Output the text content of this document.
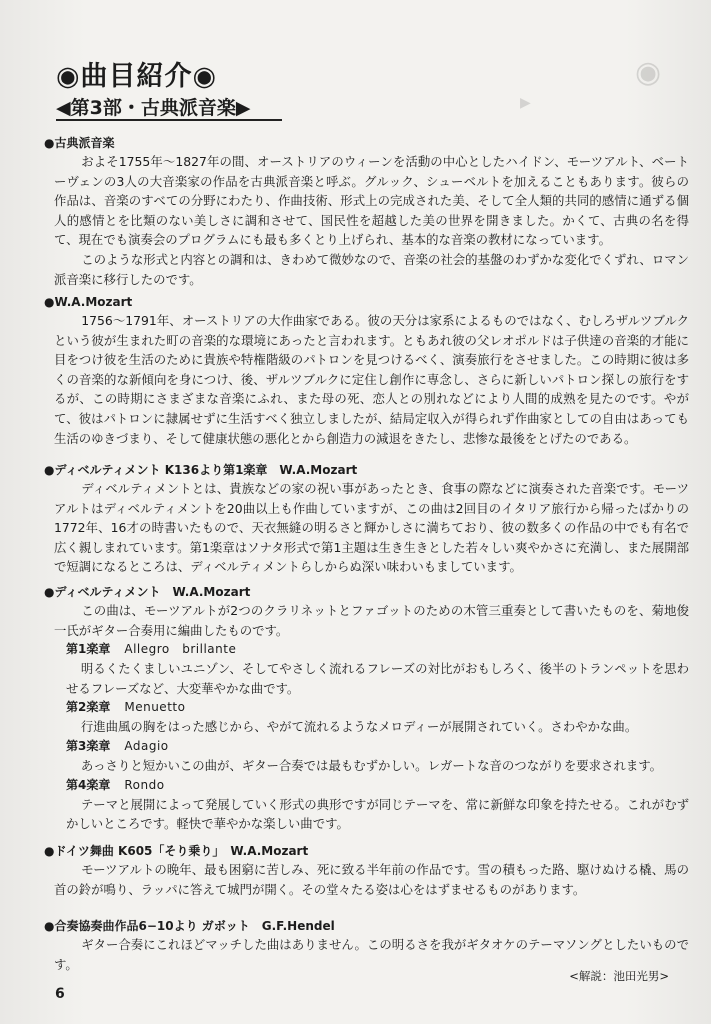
◉
▶
◉曲目紹介◉
◀第3部・古典派音楽▶
●古典派音楽

およそ1755年〜1827年の間、オーストリアのウィーンを活動の中心としたハイドン、モーツアルト、ベートーヴェンの3人の大音楽家の作品を古典派音楽と呼ぶ。グルック、シューベルトを加えることもあります。彼らの作品は、音楽のすべての分野にわたり、作曲技術、形式上の完成された美、そして全人類的共同的感情に通ずる個人的感情とを比類のない美しさに調和させて、国民性を超越した美の世界を開きました。かくて、古典の名を得て、現在でも演奏会のプログラムにも最も多くとり上げられ、基本的な音楽の教材になっています。

このような形式と内容との調和は、きわめて微妙なので、音楽の社会的基盤のわずかな変化でくずれ、ロマン派音楽に移行したのです。

●W.A.Mozart

1756〜1791年、オーストリアの大作曲家である。彼の天分は家系によるものではなく、むしろザルツブルクという彼が生まれた町の音楽的な環境にあったと言われます。ともあれ彼の父レオポルドは子供達の音楽的才能に目をつけ彼を生活のために貴族や特権階級のパトロンを見つけるべく、演奏旅行をさせました。この時期に彼は多くの音楽的な新傾向を身につけ、後、ザルツブルクに定住し創作に専念し、さらに新しいパトロン探しの旅行をするが、この時期にさまざまな音楽にふれ、また母の死、恋人との別れなどにより人間的成熟を見たのです。やがて、彼はパトロンに隷属せずに生活すべく独立しましたが、結局定収入が得られず作曲家としての自由はあっても生活のゆきづまり、そして健康状態の悪化とから創造力の減退をきたし、悲惨な最後をとげたのである。

●ディベルティメント K136より第1楽章　W.A.Mozart

ディベルティメントとは、貴族などの家の祝い事があったとき、食事の際などに演奏された音楽です。モーツアルトはディベルティメントを20曲以上も作曲していますが、この曲は2回目のイタリア旅行から帰ったばかりの1772年、16才の時書いたもので、天衣無縫の明るさと輝かしさに満ちており、彼の数多くの作品の中でも有名で広く親しまれています。第1楽章はソナタ形式で第1主題は生き生きとした若々しい爽やかさに充満し、また展開部で短調になるところは、ディベルティメントらしからぬ深い味わいもましています。

●ディベルティメント　W.A.Mozart

この曲は、モーツアルトが2つのクラリネットとファゴットのための木管三重奏として書いたものを、菊地俊一氏がギター合奏用に編曲したものです。

第1楽章 Allegro　brillante

明るくたくましいユニゾン、そしてやさしく流れるフレーズの対比がおもしろく、後半のトランペットを思わせるフレーズなど、大変華やかな曲です。

第2楽章 Menuetto

行進曲風の胸をはった感じから、やがて流れるようなメロディーが展開されていく。さわやかな曲。

第3楽章 Adagio

あっさりと短かいこの曲が、ギター合奏では最もむずかしい。レガートな音のつながりを要求されます。

第4楽章 Rondo

テーマと展開によって発展していく形式の典形ですが同じテーマを、常に新鮮な印象を持たせる。これがむずかしいところです。軽快で華やかな楽しい曲です。

●ドイツ舞曲 K605「そり乗り」　W.A.Mozart

モーツアルトの晩年、最も困窮に苦しみ、死に致る半年前の作品です。雪の積もった路、駆けぬける橇、馬の首の鈴が鳴り、ラッパに答えて城門が開く。その堂々たる姿は心をはずませるものがあります。

●合奏協奏曲作品6−10より ガボット　G.F.Hendel

ギター合奏にこれほどマッチした曲はありません。この明るさを我がギタオケのテーマソングとしたいものです。

<解説：池田光男>
6
